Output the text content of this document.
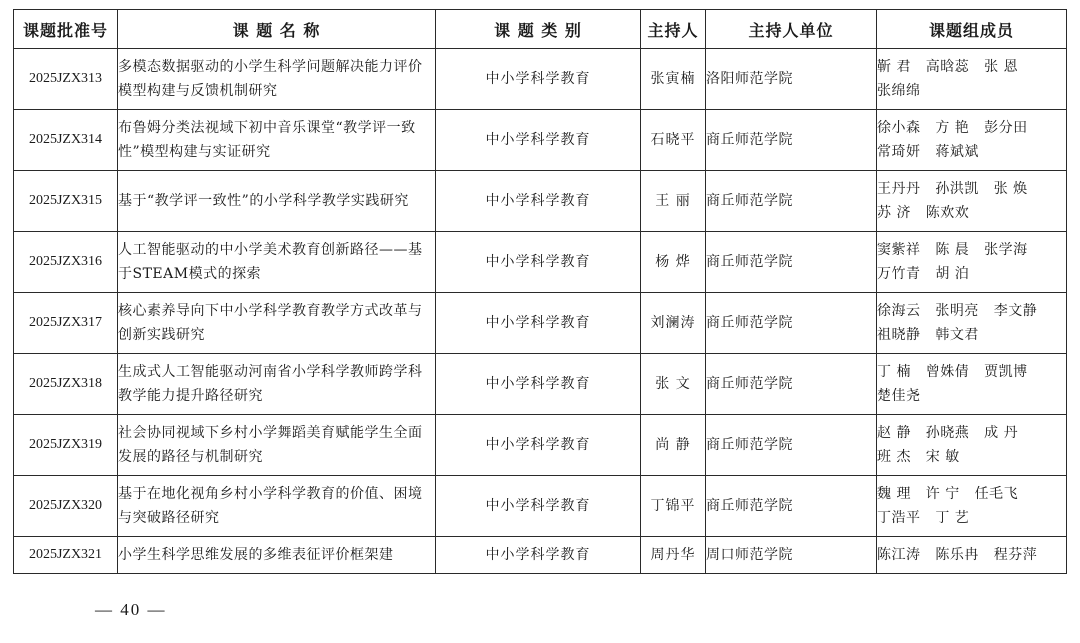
课题批准号	课 题 名 称	课 题 类 别	主持人	主持人单位	课题组成员
2025JZX313	多模态数据驱动的小学生科学问题解决能力评价模型构建与反馈机制研究	中小学科学教育	张寅楠	洛阳师范学院	靳 君   高晗蕊   张 恩
张绵绵

2025JZX314	布鲁姆分类法视域下初中音乐课堂“教学评一致性”模型构建与实证研究	中小学科学教育	石晓平	商丘师范学院	徐小森   方 艳   彭分田
常琦妍   蒋斌斌

2025JZX315	基于“教学评一致性”的小学科学教学实践研究	中小学科学教育	王 丽	商丘师范学院	王丹丹   孙洪凯   张 焕
苏 济   陈欢欢

2025JZX316	人工智能驱动的中小学美术教育创新路径——基于STEAM模式的探索	中小学科学教育	杨 烨	商丘师范学院	窦紫祥   陈 晨   张学海
万竹青   胡 泊

2025JZX317	核心素养导向下中小学科学教育教学方式改革与创新实践研究	中小学科学教育	刘澜涛	商丘师范学院	徐海云   张明亮   李文静
祖晓静   韩文君

2025JZX318	生成式人工智能驱动河南省小学科学教师跨学科教学能力提升路径研究	中小学科学教育	张 文	商丘师范学院	丁 楠   曾姝倩   贾凯博
楚佳尧

2025JZX319	社会协同视域下乡村小学舞蹈美育赋能学生全面发展的路径与机制研究	中小学科学教育	尚 静	商丘师范学院	赵 静   孙晓燕   成 丹
班 杰   宋 敏

2025JZX320	基于在地化视角乡村小学科学教育的价值、困境与突破路径研究	中小学科学教育	丁锦平	商丘师范学院	魏 理   许 宁   任毛飞
丁浩平   丁 艺

2025JZX321	小学生科学思维发展的多维表征评价框架建	中小学科学教育	周丹华	周口师范学院	陈江涛   陈乐冉   程芬萍
— 40 —
